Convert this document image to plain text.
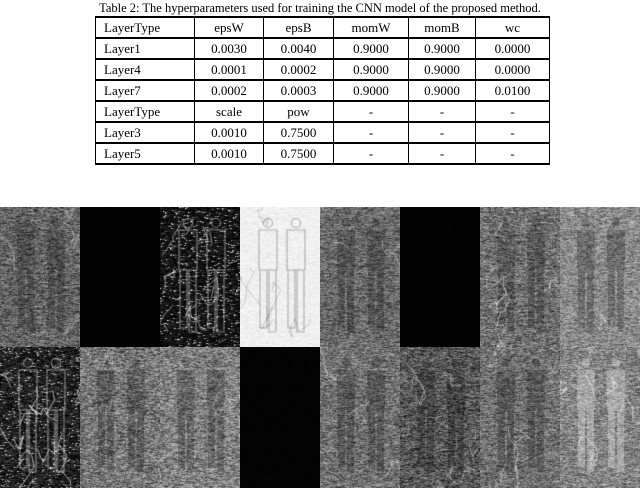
Table 2: The hyperparameters used for training the CNN model of the proposed method.
LayerType	epsW	epsB	momW	momB	wc
Layer1	0.0030	0.0040	0.9000	0.9000	0.0000
Layer4	0.0001	0.0002	0.9000	0.9000	0.0000
Layer7	0.0002	0.0003	0.9000	0.9000	0.0100
LayerType	scale	pow	-	-	-
Layer3	0.0010	0.7500	-	-	-
Layer5	0.0010	0.7500	-	-	-
